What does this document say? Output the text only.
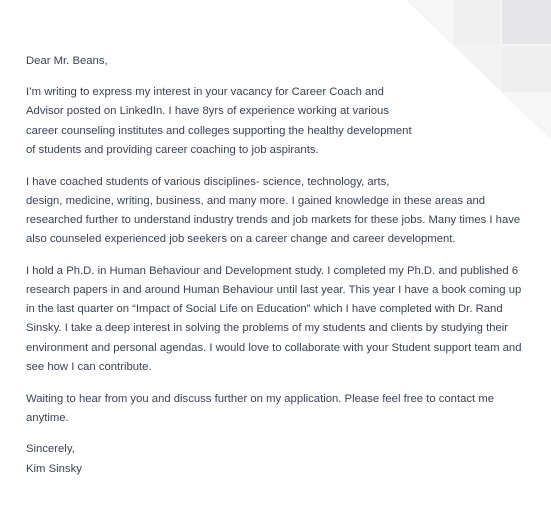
Dear Mr. Beans,

I’m writing to express my interest in your vacancy for Career Coach and
Advisor posted on LinkedIn. I have 8yrs of experience working at various
career counseling institutes and colleges supporting the healthy development
of students and providing career coaching to job aspirants.

I have coached students of various disciplines- science, technology, arts,
design, medicine, writing, business, and many more. I gained knowledge in these areas and
researched further to understand industry trends and job markets for these jobs. Many times I have
also counseled experienced job seekers on a career change and career development.

I hold a Ph.D. in Human Behaviour and Development study. I completed my Ph.D. and published 6
research papers in and around Human Behaviour until last year. This year I have a book coming up
in the last quarter on “Impact of Social Life on Education” which I have completed with Dr. Rand
Sinsky. I take a deep interest in solving the problems of my students and clients by studying their
environment and personal agendas. I would love to collaborate with your Student support team and
see how I can contribute.

Waiting to hear from you and discuss further on my application. Please feel free to contact me
anytime.

Sincerely,

Kim Sinsky
